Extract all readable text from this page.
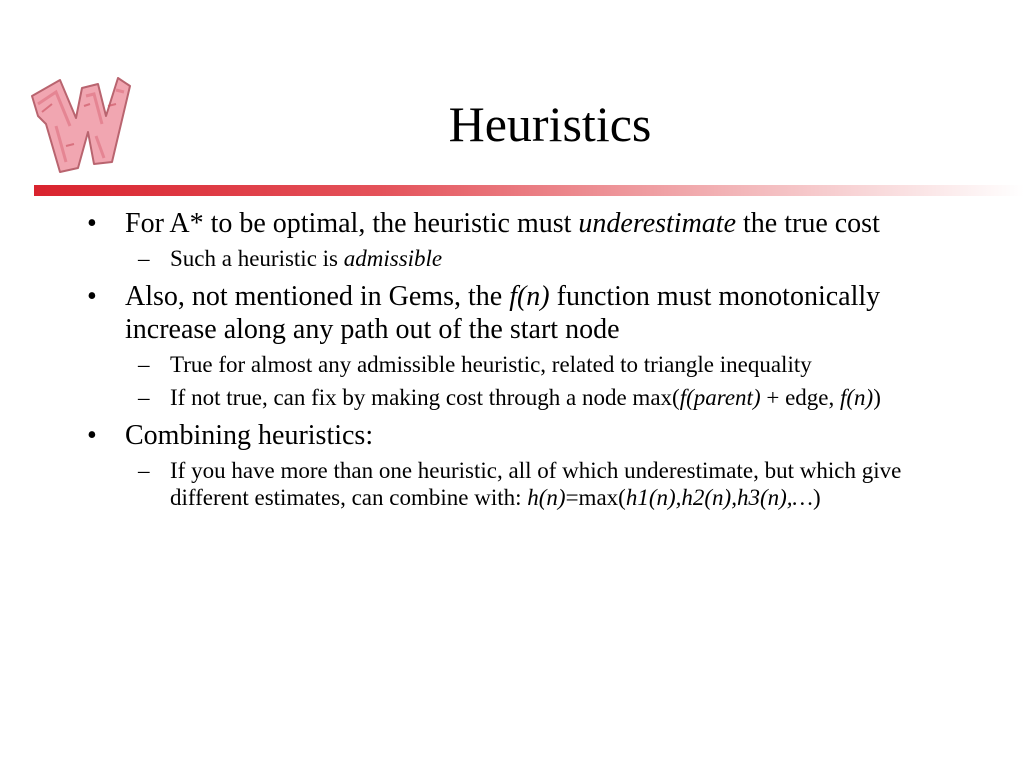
Heuristics
• For A* to be optimal, the heuristic must underestimate the true cost
– Such a heuristic is admissible
• Also, not mentioned in Gems, the f(n) function must monotonically increase along any path out of the start node
– True for almost any admissible heuristic, related to triangle inequality
– If not true, can fix by making cost through a node max(f(parent) + edge, f(n))
• Combining heuristics:
– If you have more than one heuristic, all of which underestimate, but which give different estimates, can combine with: h(n)=max(h1(n),h2(n),h3(n),…)
